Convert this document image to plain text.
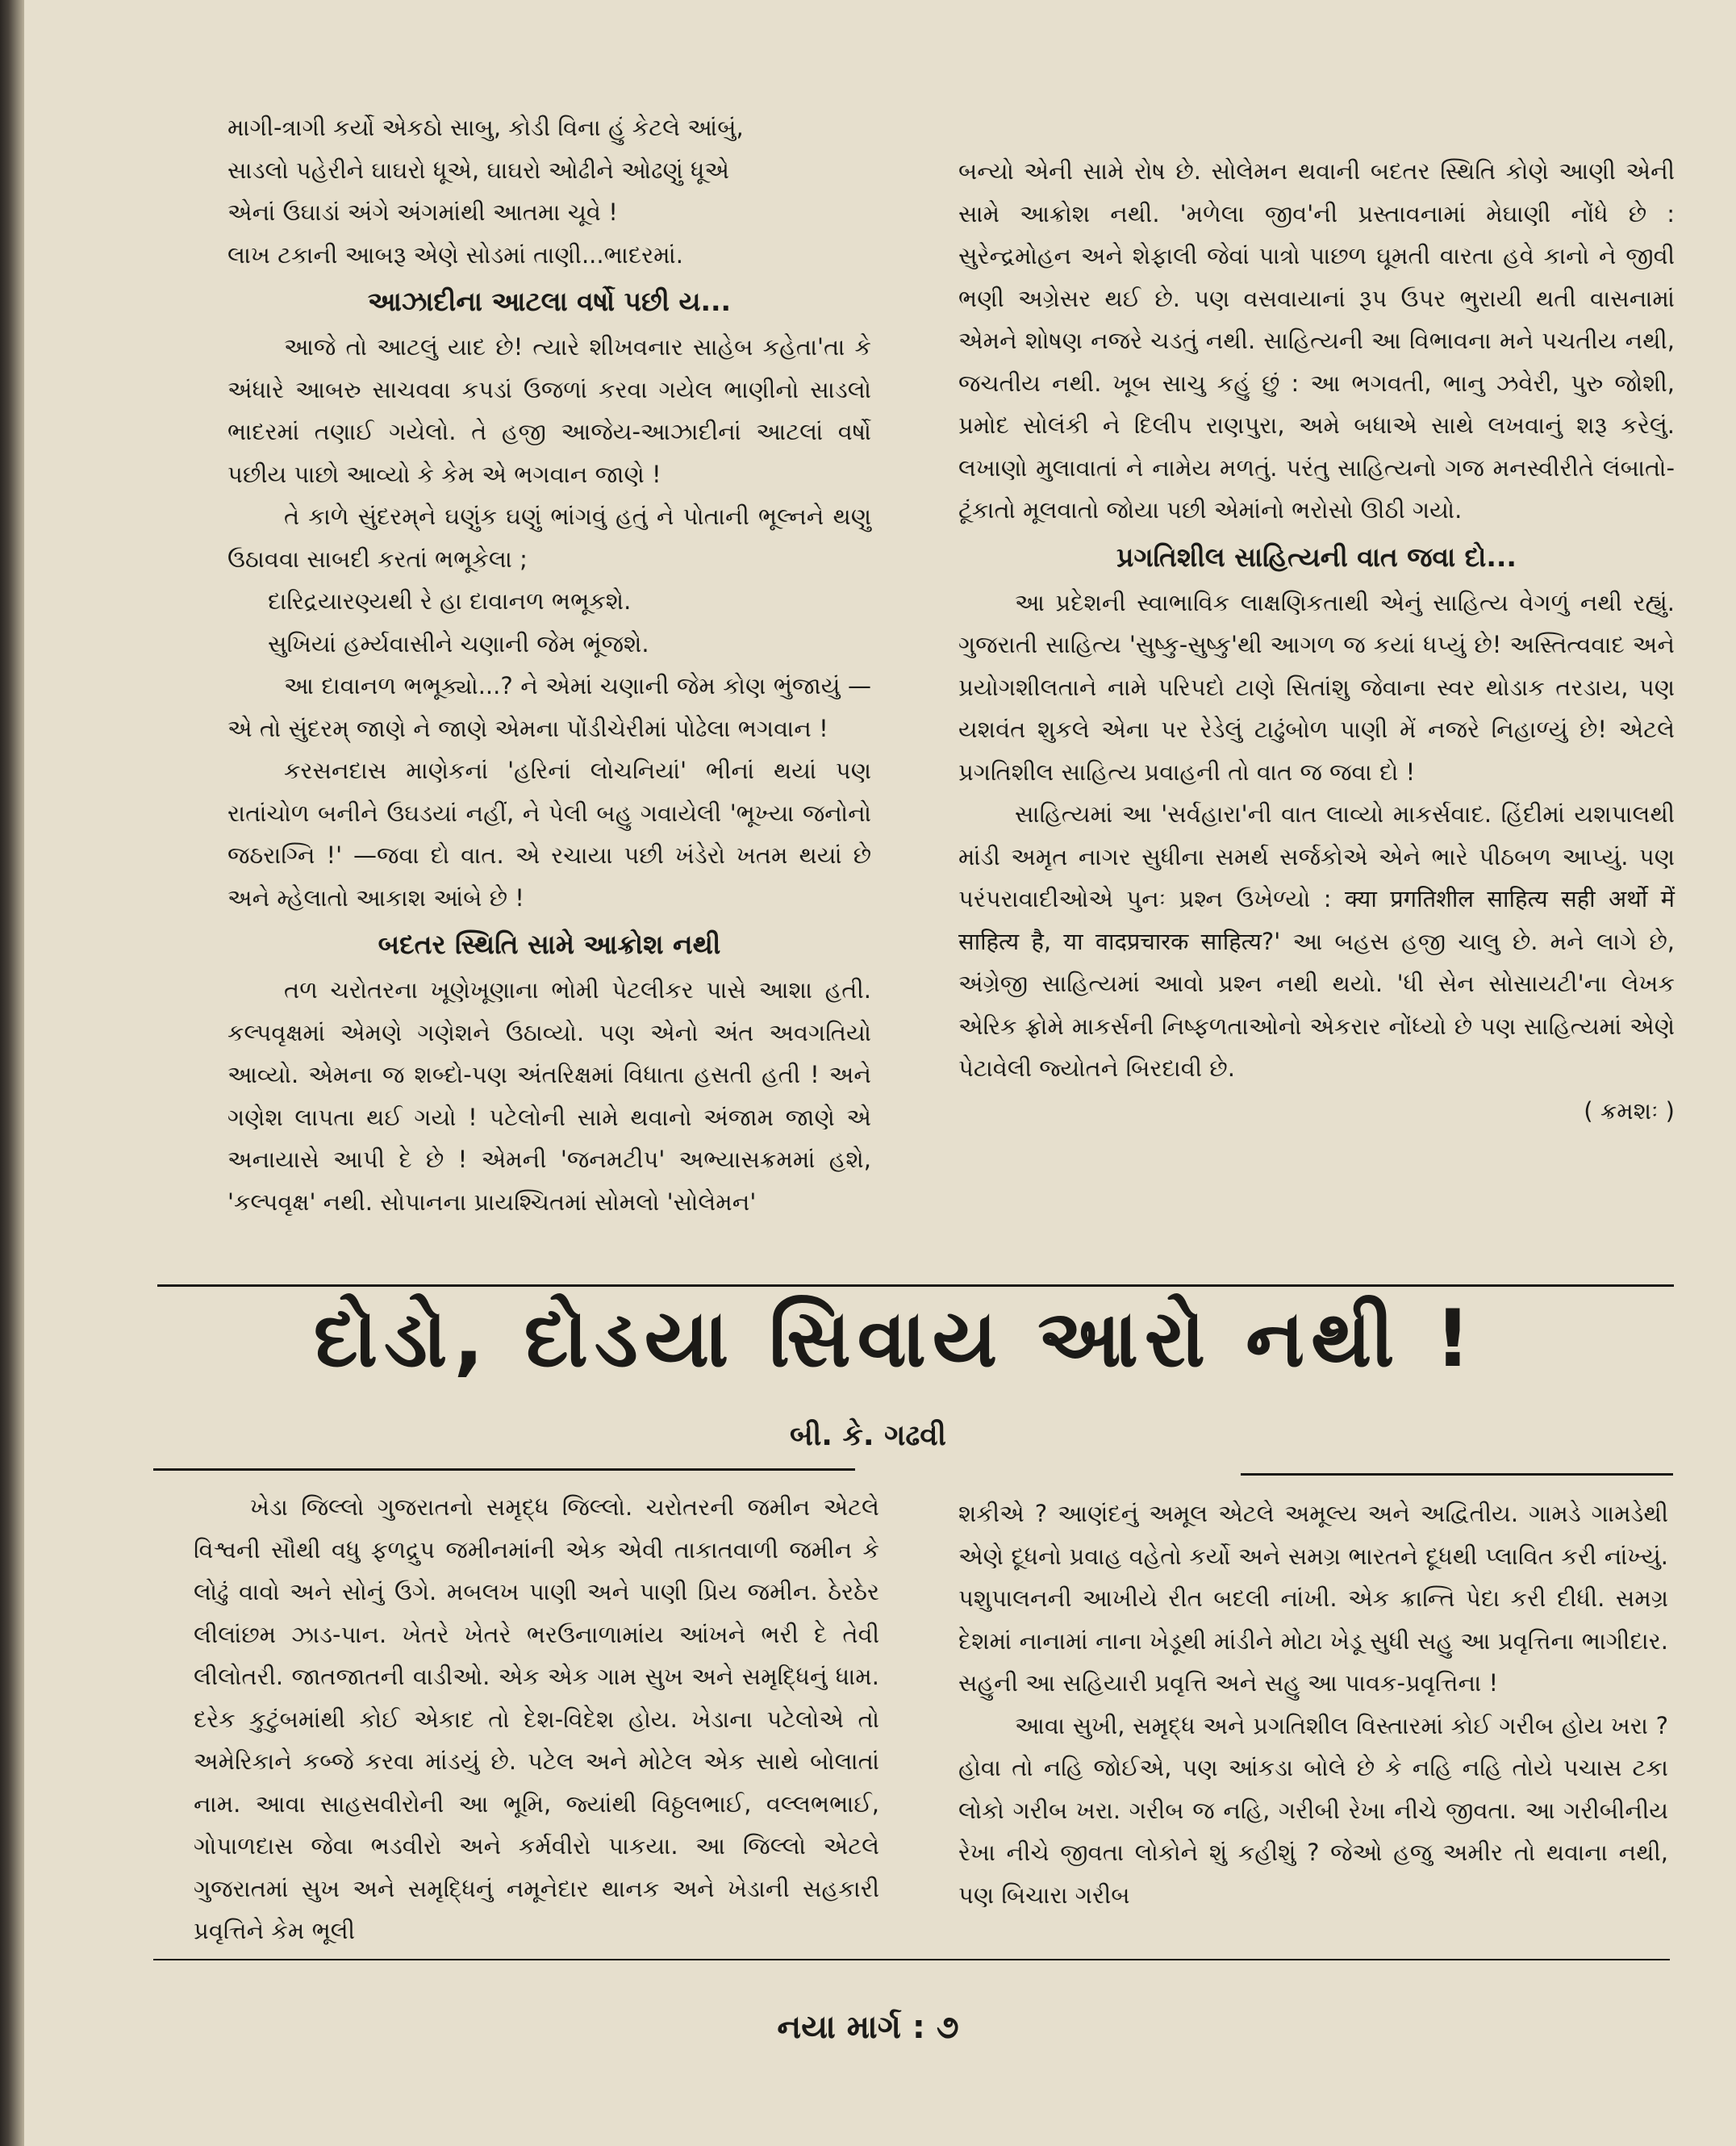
માગી-ત્રાગી કર્યો એકઠો સાબુ, કોડી વિના હું કેટલે આંબું,

સાડલો પહેરીને ઘાઘરો ધૂએ, ઘાઘરો ઓઢીને ઓઢણું ધૂએ

એનાં ઉઘાડાં અંગે અંગમાંથી આતમા ચૂવે !

લાખ ટકાની આબરૂ એણે સોડમાં તાણી...ભાદરમાં.

આઝાદીના આટલા વર્ષો પછી ય...

આજે તો આટલું યાદ છે! ત્યારે શીખવનાર સાહેબ કહેતા'તા કે અંધારે આબરુ સાચવવા કપડાં ઉજળાં કરવા ગયેલ ભાણીનો સાડલો ભાદરમાં તણાઈ ગયેલો. તે હજી આજેય-આઝાદીનાં આટલાં વર્ષો પછીય પાછો આવ્યો કે કેમ એ ભગવાન જાણે !

તે કાળે સુંદરમ્‌ને ઘણુંક ઘણું ભાંગવું હતું ને પોતાની ભૂલ્નને થણુ ઉઠાવવા સાબદી કરતાં ભભૂકેલા ;

દારિદ્રયારણ્યથી રે હા દાવાનળ ભભૂકશે.

સુખિયાં હર્મ્યવાસીને ચણાની જેમ ભૂંજશે.

આ દાવાનળ ભભૂક્યો...? ને એમાં ચણાની જેમ કોણ ભુંજાયું —એ તો સુંદરમ્‌ જાણે ને જાણે એમના પોંડીચેરીમાં પોઢેલા ભગવાન !

કરસનદાસ માણેકનાં 'હરિનાં લોચનિયાં' ભીનાં થયાં પણ રાતાંચોળ બનીને ઉઘડયાં નહીં, ને પેલી બહુ ગવાયેલી 'ભૂખ્યા જનોનો જઠરાગ્નિ !' —જવા દો વાત. એ રચાયા પછી ખંડેરો ખતમ થયાં છે અને મ્હેલાતો આકાશ આંબે છે !

બદતર સ્થિતિ સામે આક્રોશ નથી

તળ ચરોતરના ખૂણેખૂણાના ભોમી પેટલીકર પાસે આશા હતી. કલ્પવૃક્ષમાં એમણે ગણેશને ઉઠાવ્યો. પણ એનો અંત અવગતિયો આવ્યો. એમના જ શબ્દો-પણ અંતરિક્ષમાં વિધાતા હસતી હતી ! અને ગણેશ લાપતા થઈ ગયો ! પટેલોની સામે થવાનો અંજામ જાણે એ અનાયાસે આપી દે છે ! એમની 'જનમટીપ' અભ્યાસક્રમમાં હશે, 'કલ્પવૃક્ષ' નથી. સોપાનના પ્રાયશ્ચિતમાં સોમલો 'સોલેમન'

બન્યો એની સામે રોષ છે. સોલેમન થવાની બદતર સ્થિતિ કોણે આણી એની સામે આક્રોશ નથી. 'મળેલા જીવ'ની પ્રસ્તાવનામાં મેઘાણી નોંધે છે : સુરેન્દ્રમોહન અને શેફાલી જેવાં પાત્રો પાછળ ઘૂમતી વારતા હવે કાનો ને જીવી ભણી અગ્રેસર થઈ છે. પણ વસવાયાનાં રૂપ ઉપર ભુરાયી થતી વાસનામાં એમને શોષણ નજરે ચડતું નથી. સાહિત્યની આ વિભાવના મને પચતીય નથી, જચતીય નથી. ખૂબ સાચુ કહું છું : આ ભગવતી, ભાનુ ઝવેરી, પુરુ જોશી, પ્રમોદ સોલંકી ને દિલીપ રાણપુરા, અમે બધાએ સાથે લખવાનું શરૂ કરેલું. લખાણો મુલાવાતાં ને નામેય મળતું. પરંતુ સાહિત્યનો ગજ મનસ્વીરીતે લંબાતો-ટૂંકાતો મૂલવાતો જોયા પછી એમાંનો ભરોસો ઊઠી ગયો.

પ્રગતિશીલ સાહિત્યની વાત જવા દો...

આ પ્રદેશની સ્વાભાવિક લાક્ષણિકતાથી એનું સાહિત્ય વેગળું નથી રહ્યું. ગુજરાતી સાહિત્ય 'સુષ્કુ-સુષ્કુ'થી આગળ જ કયાં ધપ્યું છે! અસ્તિત્વવાદ અને પ્રયોગશીલતાને નામે પરિપદો ટાણે સિતાંશુ જેવાના સ્વર થોડાક તરડાય, પણ યશવંત શુકલે એના પર રેડેલું ટાઢુંબોળ પાણી મેં નજરે નિહાળ્યું છે! એટલે પ્રગતિશીલ સાહિત્ય પ્રવાહની તો વાત જ જવા દો !

સાહિત્યમાં આ 'સર્વહારા'ની વાત લાવ્યો માકર્સવાદ. હિંદીમાં યશપાલથી માંડી અમૃત નાગર સુધીના સમર્થ સર્જકોએ એને ભારે પીઠબળ આપ્યું. પણ પરંપરાવાદીઓએ પુનઃ પ્રશ્ન ઉખેળ્યો : क्या प्रगतिशील साहित्य सही अर्थो में साहित्य है, या वादप्रचारक साहित्य?' આ બહસ હજી ચાલુ છે. મને લાગે છે, અંગ્રેજી સાહિત્યમાં આવો પ્રશ્ન નથી થયો. 'ધી સેન સોસાયટી'ના લેખક એરિક ફ્રોમે માકર્સની નિષ્ફળતાઓનો એકરાર નોંધ્યો છે પણ સાહિત્યમાં એણે પેટાવેલી જ્યોતને બિરદાવી છે.

( ક્રમશઃ )

દોડો, દોડયા સિવાય આરો નથી !
બી. કે. ગઢવી

ખેડા જિલ્લો ગુજરાતનો સમૃદ્ધ જિલ્લો. ચરોતરની જમીન એટલે વિશ્વની સૌથી વધુ ફળદ્રુપ જમીનમાંની એક એવી તાકાતવાળી જમીન કે લોઢું વાવો અને સોનું ઉગે. મબલખ પાણી અને પાણી પ્રિય જમીન. ઠેરઠેર લીલાંછમ ઝાડ-પાન. ખેતરે ખેતરે ભરઉનાળામાંય આંખને ભરી દે તેવી લીલોતરી. જાતજાતની વાડીઓ. એક એક ગામ સુખ અને સમૃદ્ધિનું ધામ. દરેક કુટુંબમાંથી કોઈ એકાદ તો દેશ-વિદેશ હોય. ખેડાના પટેલોએ તો અમેરિકાને કબ્જે કરવા માંડયું છે. પટેલ અને મોટેલ એક સાથે બોલાતાં નામ. આવા સાહસવીરોની આ ભૂમિ, જ્યાંથી વિઠ્ઠલભાઈ, વલ્લભભાઈ, ગોપાળદાસ જેવા ભડવીરો અને કર્મવીરો પાકયા. આ જિલ્લો એટલે ગુજરાતમાં સુખ અને સમૃદ્ધિનું નમૂનેદાર થાનક અને ખેડાની સહકારી પ્રવૃત્તિને કેમ ભૂલી

શકીએ ? આણંદનું અમૂલ એટલે અમૂલ્ય અને અદ્વિતીય. ગામડે ગામડેથી એણે દૂધનો પ્રવાહ વહેતો કર્યો અને સમગ્ર ભારતને દૂધથી પ્લાવિત કરી નાંખ્યું. પશુપાલનની આખીયે રીત બદલી નાંખી. એક ક્રાન્તિ પેદા કરી દીધી. સમગ્ર દેશમાં નાનામાં નાના ખેડૂથી માંડીને મોટા ખેડૂ સુધી સહુ આ પ્રવૃત્તિના ભાગીદાર. સહુની આ સહિયારી પ્રવૃત્તિ અને સહુ આ પાવક-પ્રવૃત્તિના !

આવા સુખી, સમૃદ્ધ અને પ્રગતિશીલ વિસ્તારમાં કોઈ ગરીબ હોય ખરા ? હોવા તો નહિ જોઈએ, પણ આંકડા બોલે છે કે નહિ નહિ તોયે પચાસ ટકા લોકો ગરીબ ખરા. ગરીબ જ નહિ, ગરીબી રેખા નીચે જીવતા. આ ગરીબીનીય રેખા નીચે જીવતા લોકોને શું કહીશું ? જેઓ હજુ અમીર તો થવાના નથી, પણ બિચારા ગરીબ

નયા માર્ગ : ૭
